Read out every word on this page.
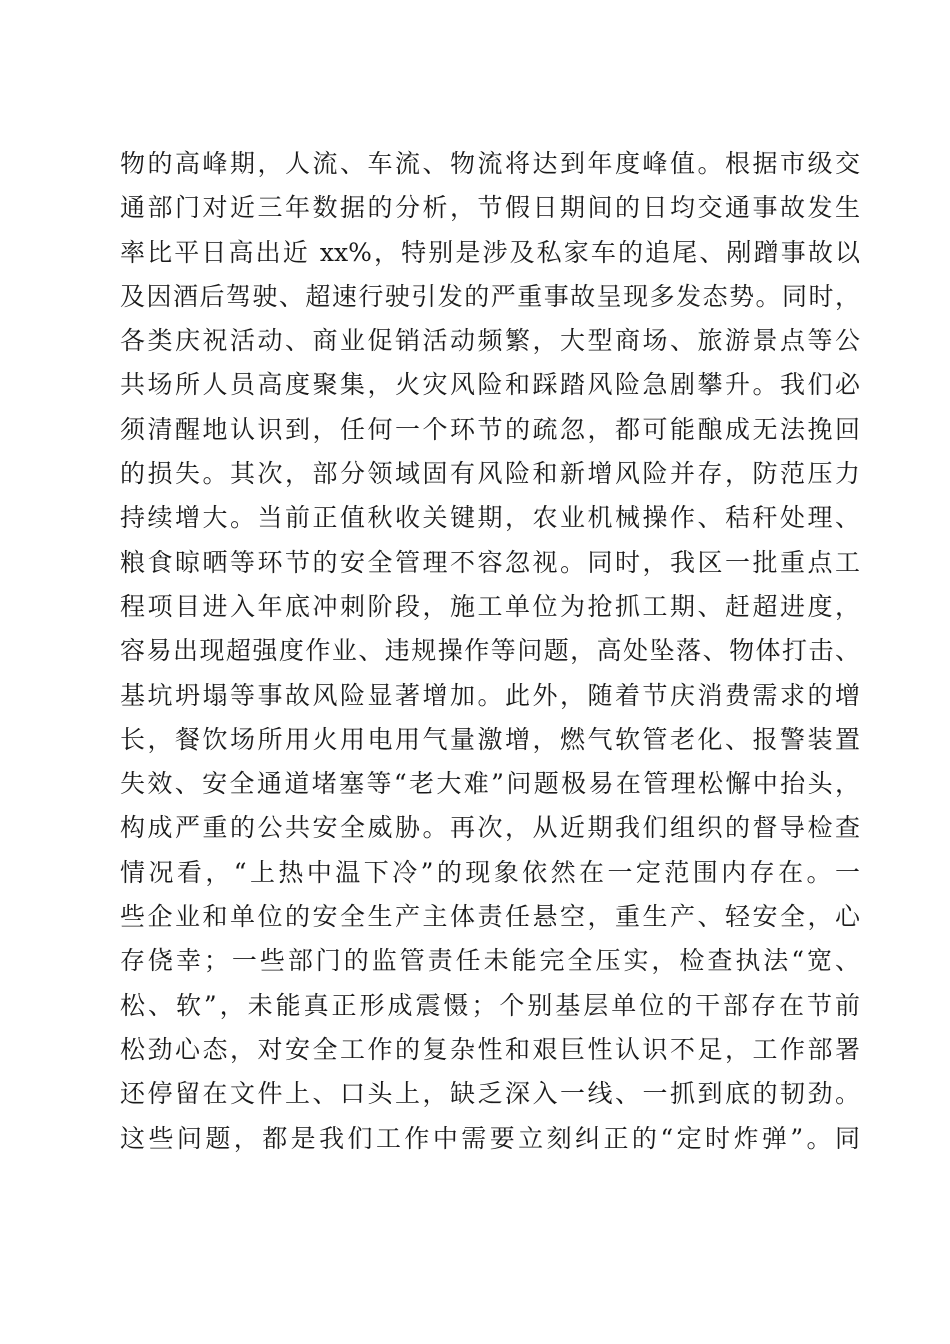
物的高峰期，人流、车流、物流将达到年度峰值。根据市级交
通部门对近三年数据的分析，节假日期间的日均交通事故发生
率比平日高出近 xx%，特别是涉及私家车的追尾、剐蹭事故以
及因酒后驾驶、超速行驶引发的严重事故呈现多发态势。同时，
各类庆祝活动、商业促销活动频繁，大型商场、旅游景点等公
共场所人员高度聚集，火灾风险和踩踏风险急剧攀升。我们必
须清醒地认识到，任何一个环节的疏忽，都可能酿成无法挽回
的损失。其次，部分领域固有风险和新增风险并存，防范压力
持续增大。当前正值秋收关键期，农业机械操作、秸秆处理、
粮食晾晒等环节的安全管理不容忽视。同时，我区一批重点工
程项目进入年底冲刺阶段，施工单位为抢抓工期、赶超进度，
容易出现超强度作业、违规操作等问题，高处坠落、物体打击、
基坑坍塌等事故风险显著增加。此外，随着节庆消费需求的增
长，餐饮场所用火用电用气量激增，燃气软管老化、报警装置
失效、安全通道堵塞等“老大难”问题极易在管理松懈中抬头，
构成严重的公共安全威胁。再次，从近期我们组织的督导检查
情况看，“上热中温下冷”的现象依然在一定范围内存在。一
些企业和单位的安全生产主体责任悬空，重生产、轻安全，心
存侥幸；一些部门的监管责任未能完全压实，检查执法“宽、
松、软”，未能真正形成震慑；个别基层单位的干部存在节前
松劲心态，对安全工作的复杂性和艰巨性认识不足，工作部署
还停留在文件上、口头上，缺乏深入一线、一抓到底的韧劲。
这些问题，都是我们工作中需要立刻纠正的“定时炸弹”。同
